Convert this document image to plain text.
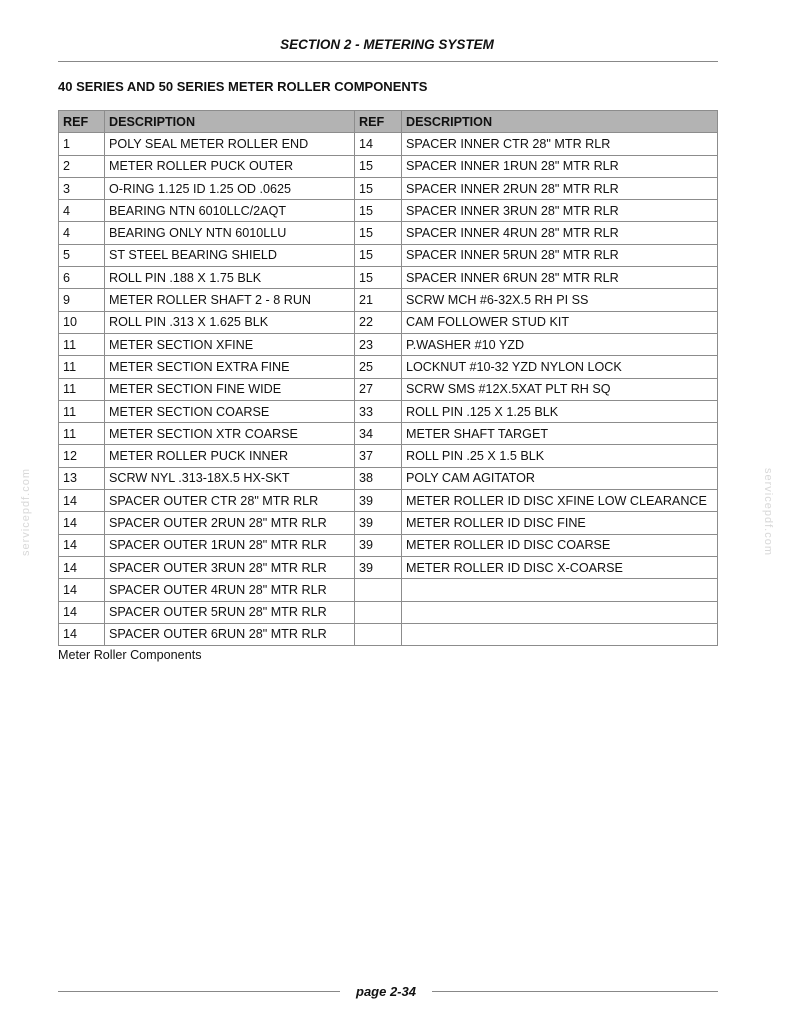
SECTION 2 - METERING SYSTEM
40 SERIES AND 50 SERIES METER ROLLER COMPONENTS
REF	DESCRIPTION	REF	DESCRIPTION
1	POLY SEAL METER ROLLER END	14	SPACER INNER CTR 28" MTR RLR
2	METER ROLLER PUCK OUTER	15	SPACER INNER 1RUN 28" MTR RLR
3	O-RING 1.125 ID 1.25 OD .0625	15	SPACER INNER 2RUN 28" MTR RLR
4	BEARING NTN 6010LLC/2AQT	15	SPACER INNER 3RUN 28" MTR RLR
4	BEARING ONLY NTN 6010LLU	15	SPACER INNER 4RUN 28" MTR RLR
5	ST STEEL BEARING SHIELD	15	SPACER INNER 5RUN 28" MTR RLR
6	ROLL PIN .188 X 1.75 BLK	15	SPACER INNER 6RUN 28" MTR RLR
9	METER ROLLER SHAFT 2 - 8 RUN	21	SCRW MCH #6-32X.5 RH PI SS
10	ROLL PIN .313 X 1.625 BLK	22	CAM FOLLOWER STUD KIT
11	METER SECTION XFINE	23	P.WASHER #10 YZD
11	METER SECTION EXTRA FINE	25	LOCKNUT #10-32 YZD NYLON LOCK
11	METER SECTION FINE WIDE	27	SCRW SMS #12X.5XAT PLT RH SQ
11	METER SECTION COARSE	33	ROLL PIN .125 X 1.25 BLK
11	METER SECTION XTR COARSE	34	METER SHAFT TARGET
12	METER ROLLER PUCK INNER	37	ROLL PIN .25 X 1.5 BLK
13	SCRW NYL .313-18X.5 HX-SKT	38	POLY CAM AGITATOR
14	SPACER OUTER CTR 28" MTR RLR	39	METER ROLLER ID DISC XFINE LOW CLEARANCE
14	SPACER OUTER 2RUN 28" MTR RLR	39	METER ROLLER ID DISC FINE
14	SPACER OUTER 1RUN 28" MTR RLR	39	METER ROLLER ID DISC COARSE
14	SPACER OUTER 3RUN 28" MTR RLR	39	METER ROLLER ID DISC X-COARSE
14	SPACER OUTER 4RUN 28" MTR RLR		
14	SPACER OUTER 5RUN 28" MTR RLR		
14	SPACER OUTER 6RUN 28" MTR RLR		
Meter Roller Components
page 2-34
servicepdf.com	servicepdf.com
